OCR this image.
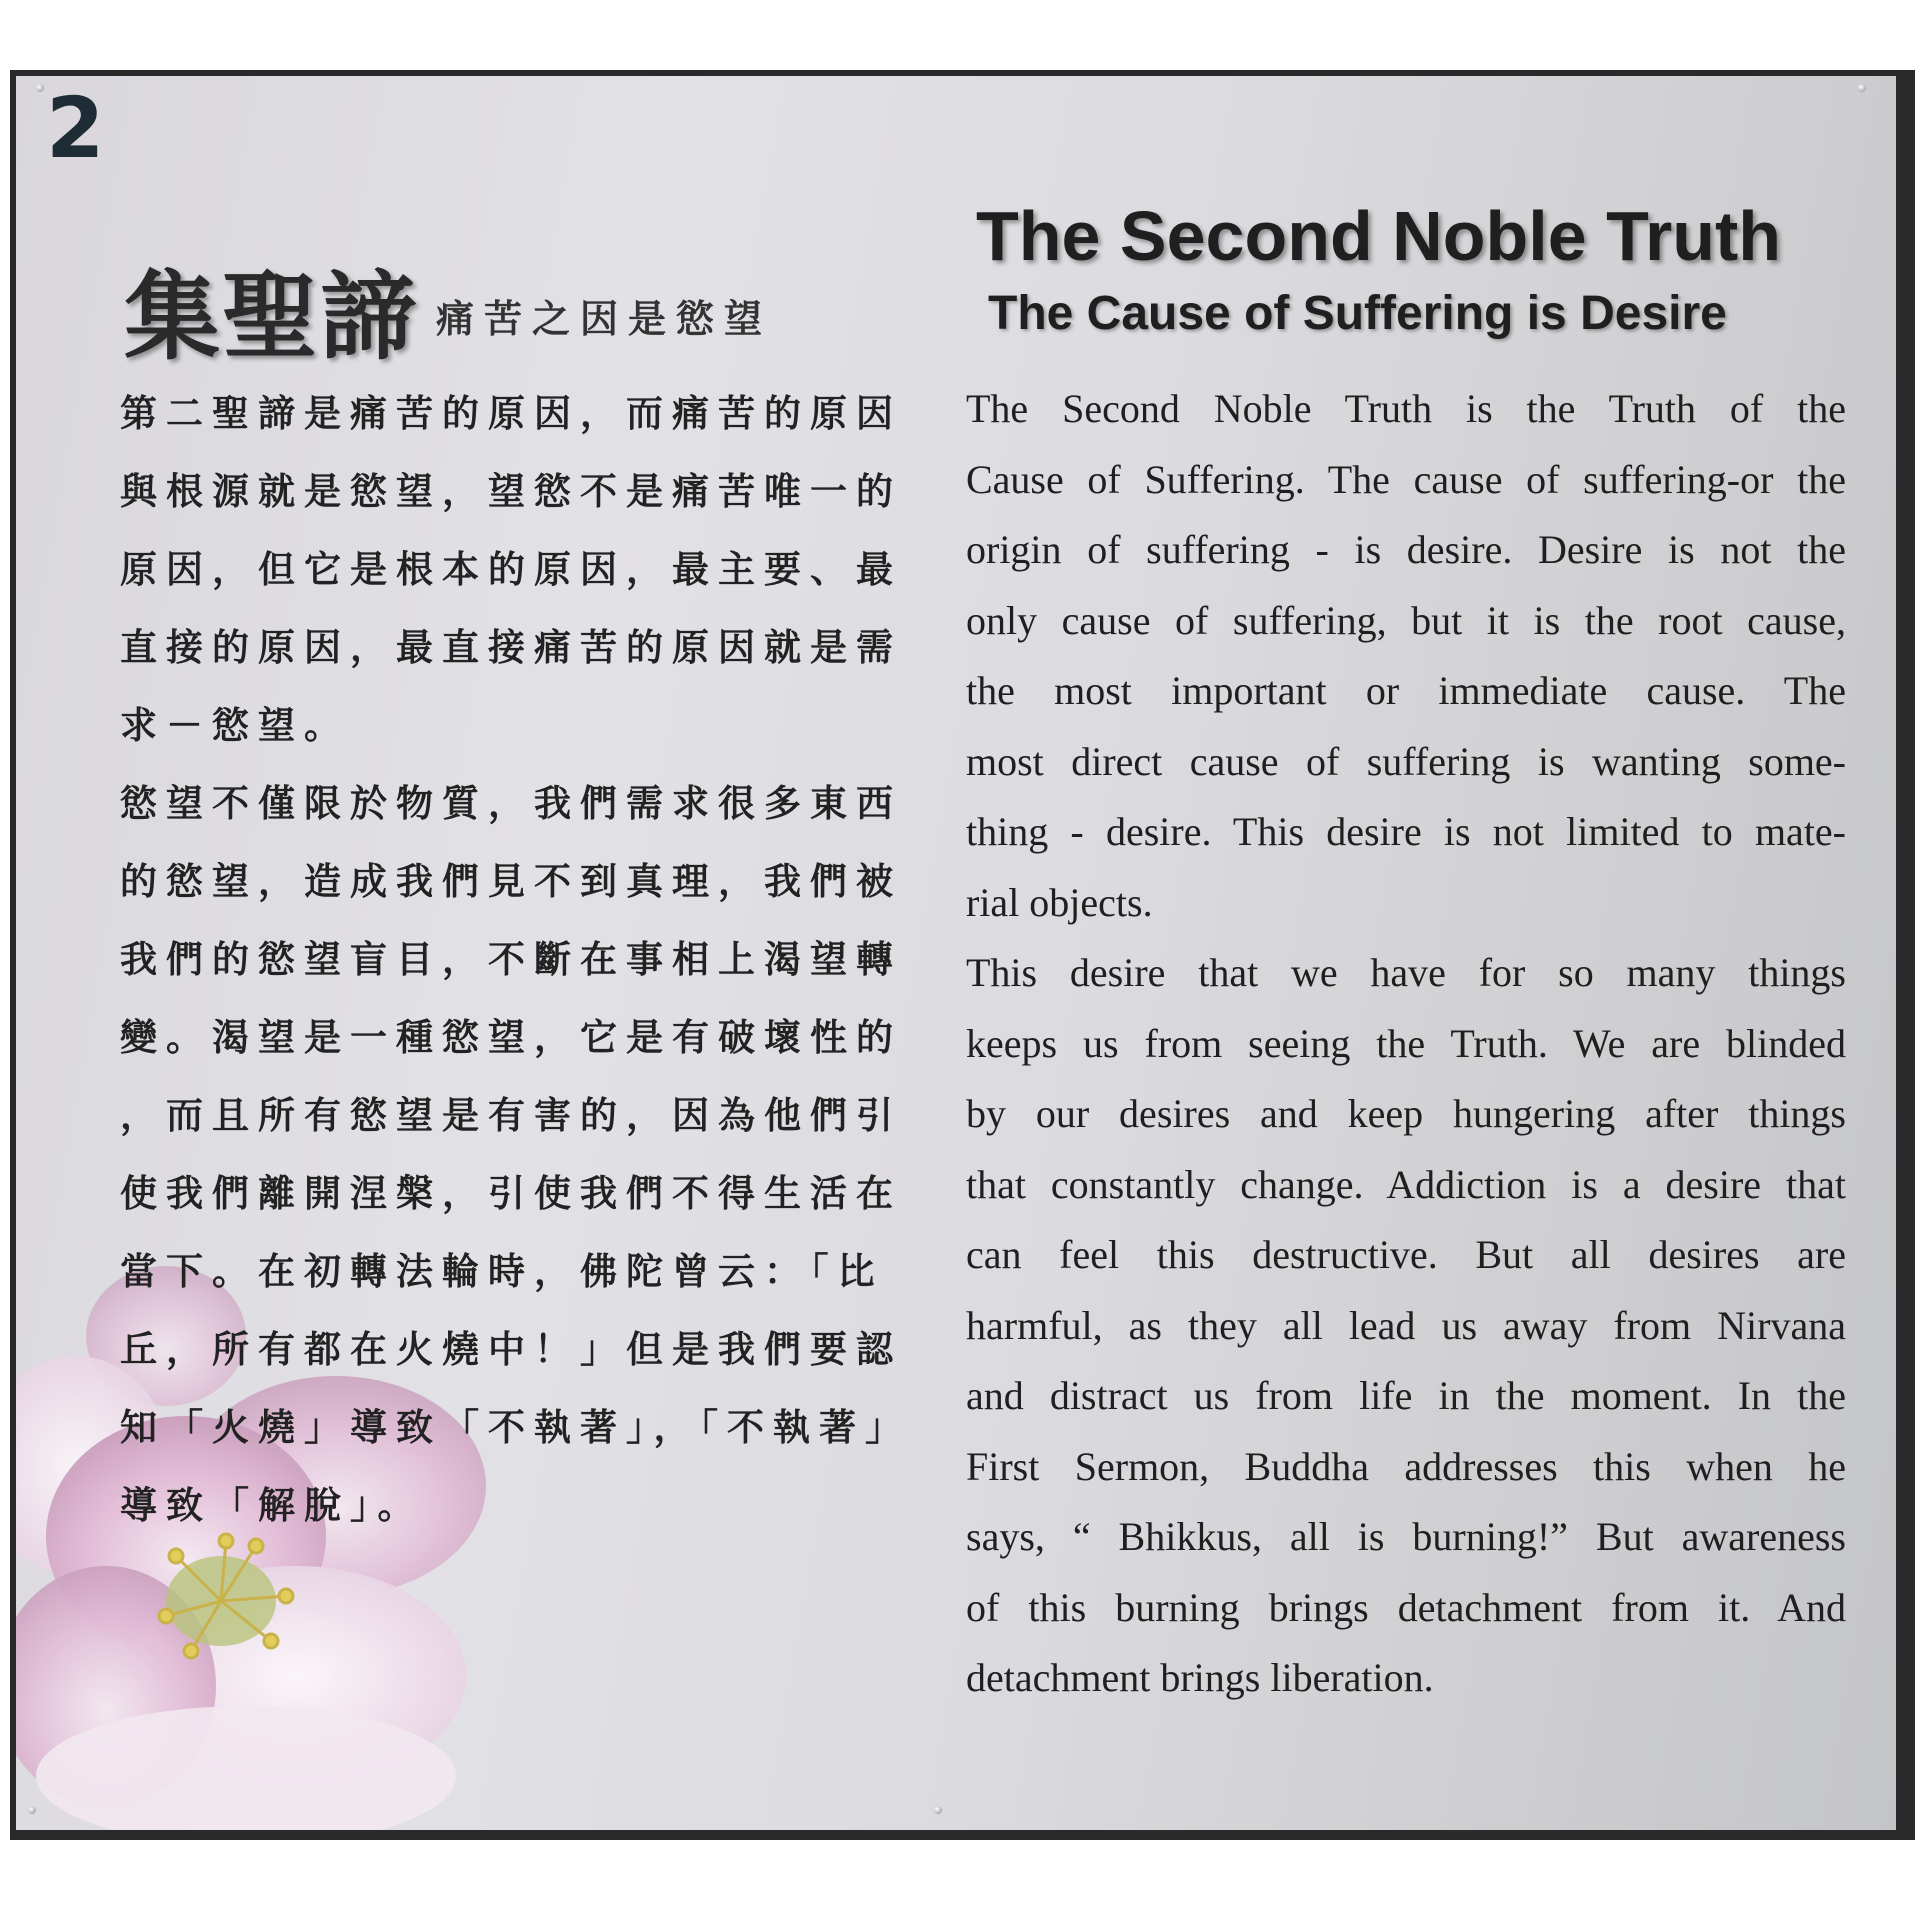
2
集聖諦 痛苦之因是慾望
The Second Noble Truth
The Cause of Suffering is Desire
第二聖諦是痛苦的原因，而痛苦的原因
與根源就是慾望，望慾不是痛苦唯一的
原因，但它是根本的原因，最主要、最
直接的原因，最直接痛苦的原因就是需
求－慾望。
慾望不僅限於物質，我們需求很多東西
的慾望，造成我們見不到真理，我們被
我們的慾望盲目，不斷在事相上渴望轉
變。渴望是一種慾望，它是有破壞性的
，而且所有慾望是有害的，因為他們引
使我們離開涅槃，引使我們不得生活在
當下。在初轉法輪時，佛陀曾云：「比
丘，所有都在火燒中！」但是我們要認
知「火燒」導致「不執著」，「不執著」
導致「解脫」。
The Second Noble Truth is the Truth of the
Cause of Suffering. The cause of suffering-or the
origin of suffering - is desire. Desire is not the
only cause of suffering, but it is the root cause,
the most important or immediate cause. The
most direct cause of suffering is wanting some-
thing - desire. This desire is not limited to mate-
rial objects.
This desire that we have for so many things
keeps us from seeing the Truth. We are blinded
by our desires and keep hungering after things
that constantly change. Addiction is a desire that
can feel this destructive. But all desires are
harmful, as they all lead us away from Nirvana
and distract us from life in the moment. In the
First Sermon, Buddha addresses this when he
says, “ Bhikkus, all is burning!” But awareness
of this burning brings detachment from it. And
detachment brings liberation.
